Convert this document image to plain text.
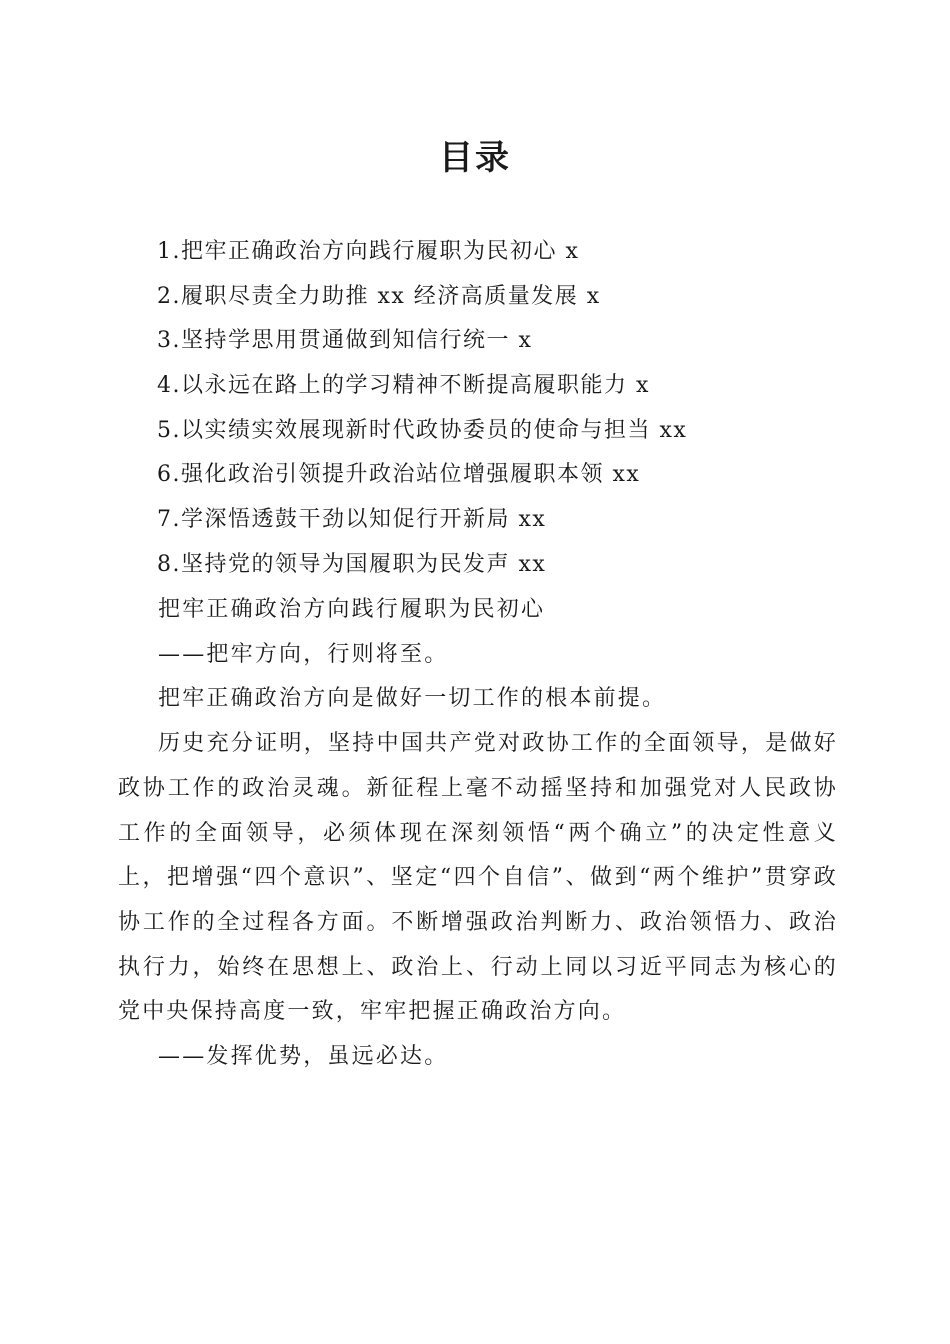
目录
1.把牢正确政治方向践行履职为民初心 x
2.履职尽责全力助推 xx 经济高质量发展 x
3.坚持学思用贯通做到知信行统一 x
4.以永远在路上的学习精神不断提高履职能力 x
5.以实绩实效展现新时代政协委员的使命与担当 xx
6.强化政治引领提升政治站位增强履职本领 xx
7.学深悟透鼓干劲以知促行开新局 xx
8.坚持党的领导为国履职为民发声 xx

把牢正确政治方向践行履职为民初心

——把牢方向，行则将至。

把牢正确政治方向是做好一切工作的根本前提。

历史充分证明，坚持中国共产党对政协工作的全面领导，是做好政协工作的政治灵魂。新征程上毫不动摇坚持和加强党对人民政协工作的全面领导，必须体现在深刻领悟“两个确立”的决定性意义上，把增强“四个意识”、坚定“四个自信”、做到“两个维护”贯穿政协工作的全过程各方面。不断增强政治判断力、政治领悟力、政治执行力，始终在思想上、政治上、行动上同以习近平同志为核心的党中央保持高度一致，牢牢把握正确政治方向。

——发挥优势，虽远必达。
